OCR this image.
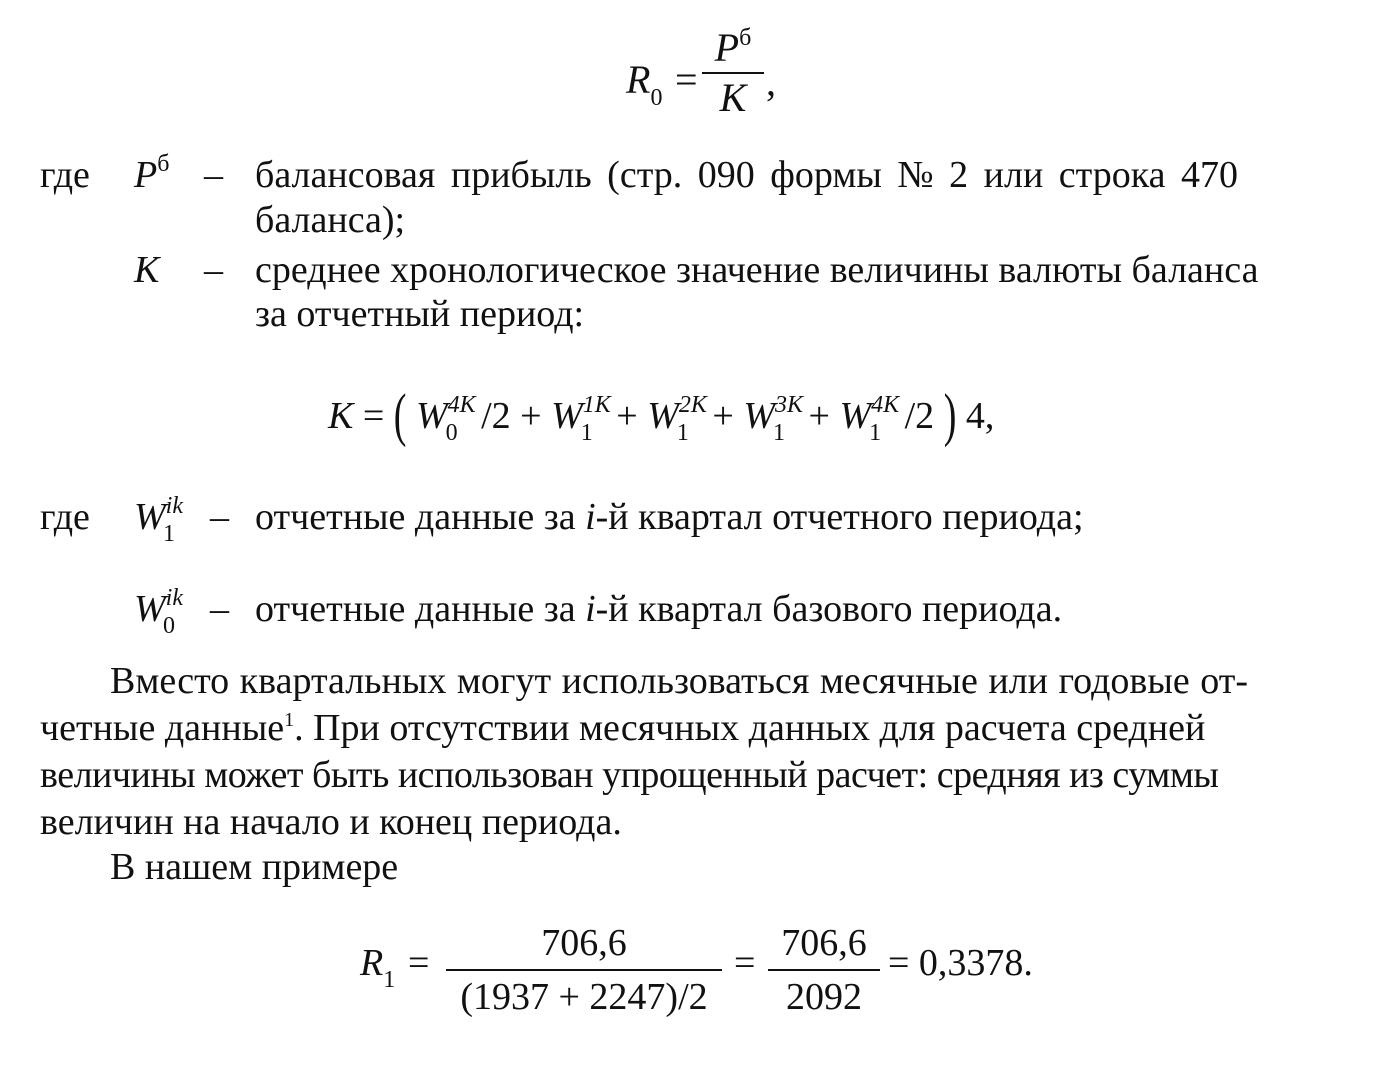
$R_0$ =
$P^б$
K ,
где $P^б$ – балансовая прибыль (стр. 090 формы № 2 или строка 470
баланса);
K – среднее хронологическое значение величины валюты баланса
за отчетный период:
K = ( $W^{4K}_0$ $/2 + W^{1K}_1 + W^{2K}_1 + W^{3K}_1 + W^{4K}_1$ /2 ) 4,
где $W^{ik}_1$ – отчетные данные за i-й квартал отчетного периода;
$W^{ik}_0$ – отчетные данные за i-й квартал базового периода.
Вместо квартальных могут использоваться месячные или годовые от-
четные данные$^1$. При отсутствии месячных данных для расчета средней
величины может быть использован упрощенный расчет: средняя из суммы
величин на начало и конец периода.
В нашем примере
$R_1$ =	706,6
(1937 + 2247)/2
= 706,6
2092
= 0,3378.
